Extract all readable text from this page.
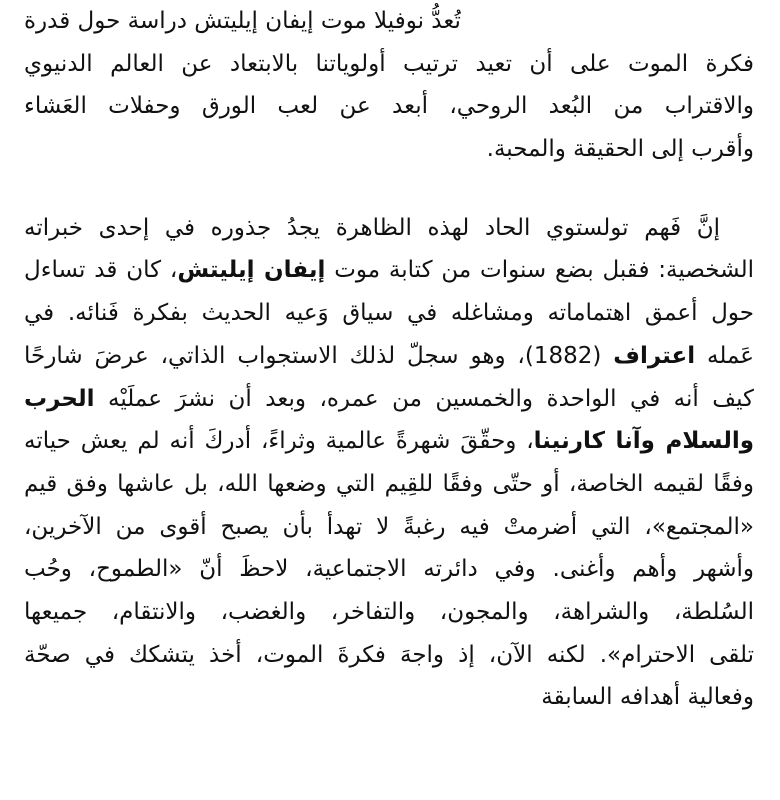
تُعدُّ نوفيلا موت إيفان إيليتش دراسة حول قدرة
فكرة الموت على أن تعيد ترتيب أولوياتنا بالابتعاد عن العالم الدنيوي
والاقتراب من البُعد الروحي، أبعد عن لعب الورق وحفلات العَشاء
وأقرب إلى الحقيقة والمحبة.
إنَّ فَهم تولستوي الحاد لهذه الظاهرة يجدُ جذوره في إحدى خبراته
الشخصية: فقبل بضع سنوات من كتابة موت إيفان إيليتش، كان قد تساءل
حول أعمق اهتماماته ومشاغله في سياق وَعيه الحديث بفكرة فَنائه. في
عَمله اعتراف (1882)، وهو سجلّ لذلك الاستجواب الذاتي، عرضَ شارحًا
كيف أنه في الواحدة والخمسين من عمره، وبعد أن نشرَ عملَيْه الحرب
والسلام وآنا كارنينا، وحقّقَ شهرةً عالمية وثراءً، أدركَ أنه لم يعش حياته
وفقًا لقيمه الخاصة، أو حتّى وفقًا للقِيم التي وضعها الله، بل عاشها وفق قيم
«المجتمع»، التي أضرمتْ فيه رغبةً لا تهدأ بأن يصبح أقوى من الآخرين،
وأشهر وأهم وأغنى. وفي دائرته الاجتماعية، لاحظَ أنّ «الطموح، وحُب
السُلطة، والشراهة، والمجون، والتفاخر، والغضب، والانتقام، جميعها
تلقى الاحترام». لكنه الآن، إذ واجهَ فكرةَ الموت، أخذ يتشكك في صحّة
وفعالية أهدافه السابقة
